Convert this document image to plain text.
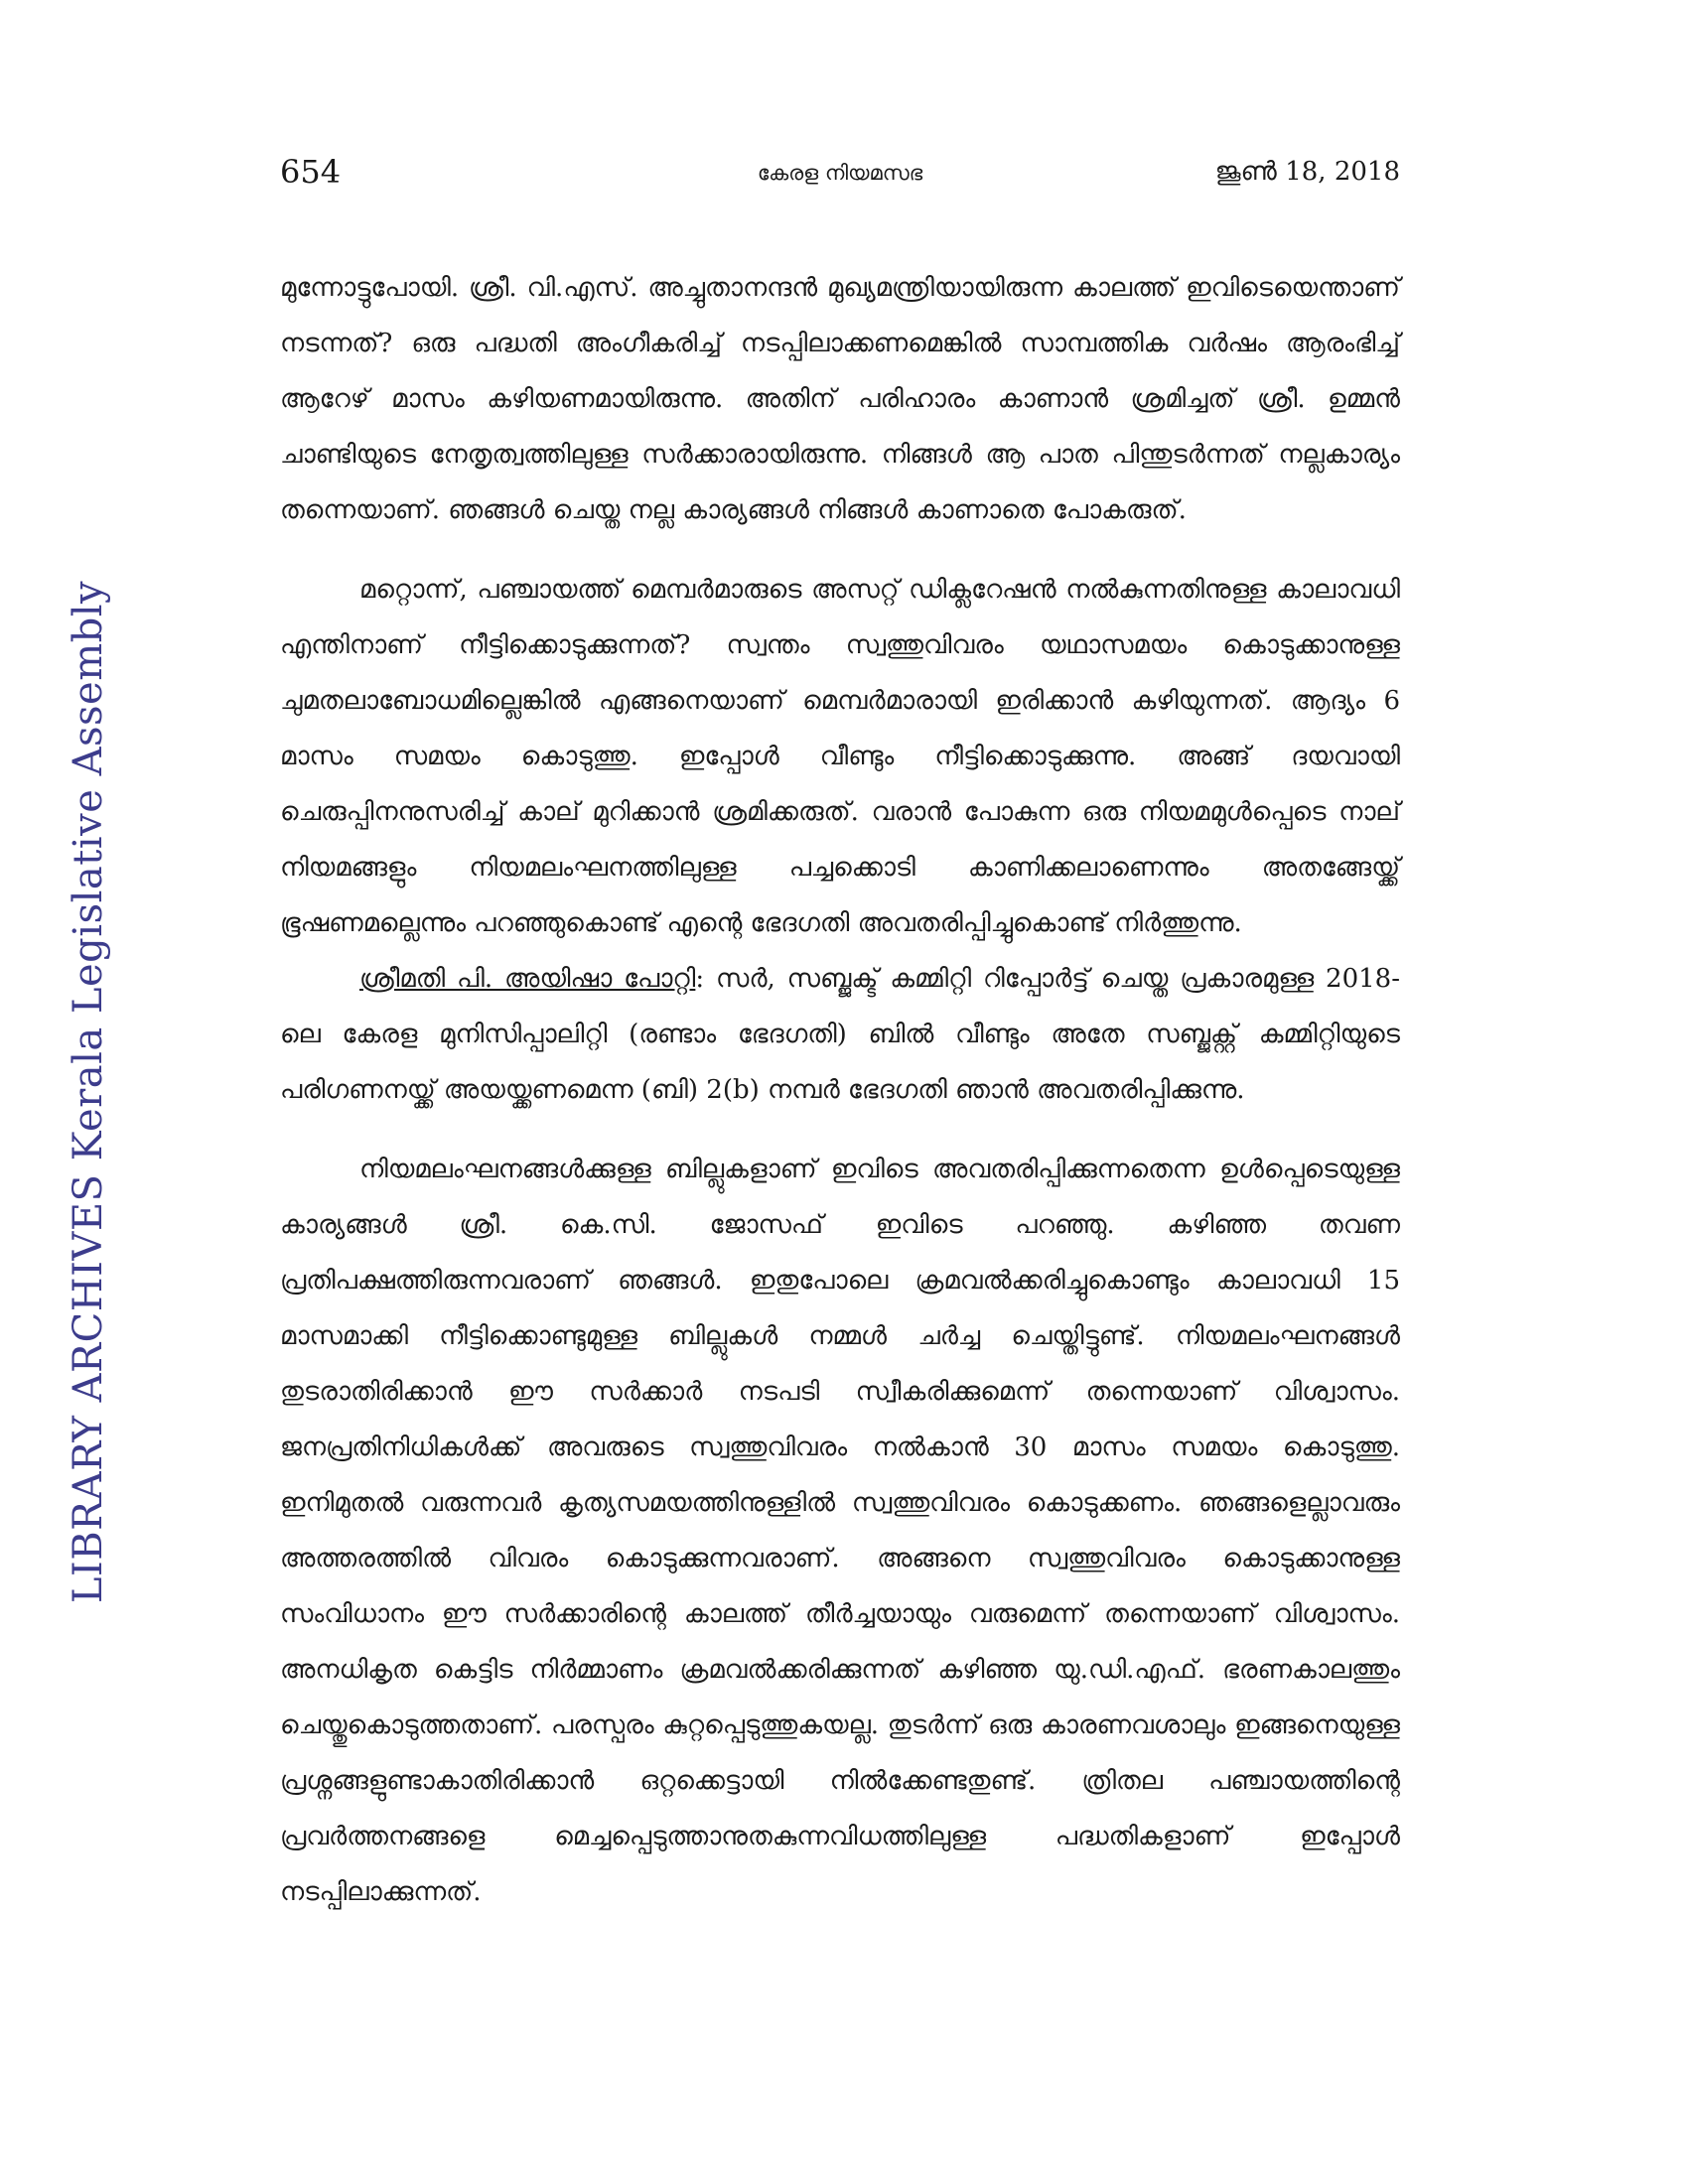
654	കേരള നിയമസഭ	ജൂൺ 18, 2018
LIBRARY ARCHIVES Kerala Legislative Assembly

മുന്നോട്ടുപോയി. ശ്രീ. വി.എസ്. അച്ചുതാനന്ദൻ മുഖ്യമന്ത്രിയായിരുന്ന കാലത്ത് ഇവിടെയെന്താണ് നടന്നത്? ഒരു പദ്ധതി അംഗീകരിച്ച് നടപ്പിലാക്കണമെങ്കിൽ സാമ്പത്തിക വർഷം ആരംഭിച്ച് ആറേഴ് മാസം കഴിയണമായിരുന്നു. അതിന് പരിഹാരം കാണാൻ ശ്രമിച്ചത് ശ്രീ. ഉമ്മൻ ചാണ്ടിയുടെ നേതൃത്വത്തിലുള്ള സർക്കാരായിരുന്നു. നിങ്ങൾ ആ പാത പിന്തുടർന്നത് നല്ലകാര്യം തന്നെയാണ്. ഞങ്ങൾ ചെയ്ത നല്ല കാര്യങ്ങൾ നിങ്ങൾ കാണാതെ പോകരുത്.

മറ്റൊന്ന്, പഞ്ചായത്ത് മെമ്പർമാരുടെ അസറ്റ് ഡിക്ലറേഷൻ നൽകുന്നതിനുള്ള കാലാവധി എന്തിനാണ് നീട്ടിക്കൊടുക്കുന്നത്? സ്വന്തം സ്വത്തുവിവരം യഥാസമയം കൊടുക്കാനുള്ള ചുമതലാബോധമില്ലെങ്കിൽ എങ്ങനെയാണ് മെമ്പർമാരായി ഇരിക്കാൻ കഴിയുന്നത്. ആദ്യം 6 മാസം സമയം കൊടുത്തു. ഇപ്പോൾ വീണ്ടും നീട്ടിക്കൊടുക്കുന്നു. അങ്ങ് ദയവായി ചെരുപ്പിനനുസരിച്ച് കാല് മുറിക്കാൻ ശ്രമിക്കരുത്. വരാൻ പോകുന്ന ഒരു നിയമമുൾപ്പെടെ നാല് നിയമങ്ങളും നിയമലംഘനത്തിലുള്ള പച്ചക്കൊടി കാണിക്കലാണെന്നും അതങ്ങേയ്ക്ക് ഭൂഷണമല്ലെന്നും പറഞ്ഞുകൊണ്ട് എന്റെ ഭേദഗതി അവതരിപ്പിച്ചുകൊണ്ട് നിർത്തുന്നു.

ശ്രീമതി പി. അയിഷാ പോറ്റി: സർ, സബ്ജക്ട് കമ്മിറ്റി റിപ്പോർട്ട് ചെയ്ത പ്രകാരമുള്ള 2018-ലെ കേരള മുനിസിപ്പാലിറ്റി (രണ്ടാം ഭേദഗതി) ബിൽ വീണ്ടും അതേ സബ്ജക്റ്റ് കമ്മിറ്റിയുടെ പരിഗണനയ്ക്ക് അയയ്ക്കണമെന്ന (ബി) 2(b) നമ്പർ ഭേദഗതി ഞാൻ അവതരിപ്പിക്കുന്നു.

നിയമലംഘനങ്ങൾക്കുള്ള ബില്ലുകളാണ് ഇവിടെ അവതരിപ്പിക്കുന്നതെന്ന ഉൾപ്പെടെയുള്ള കാര്യങ്ങൾ ശ്രീ. കെ.സി. ജോസഫ് ഇവിടെ പറഞ്ഞു. കഴിഞ്ഞ തവണ പ്രതിപക്ഷത്തിരുന്നവരാണ് ഞങ്ങൾ. ഇതുപോലെ ക്രമവൽക്കരിച്ചുകൊണ്ടും കാലാവധി 15 മാസമാക്കി നീട്ടിക്കൊണ്ടുമുള്ള ബില്ലുകൾ നമ്മൾ ചർച്ച ചെയ്തിട്ടുണ്ട്. നിയമലംഘനങ്ങൾ തുടരാതിരിക്കാൻ ഈ സർക്കാർ നടപടി സ്വീകരിക്കുമെന്ന് തന്നെയാണ് വിശ്വാസം. ജനപ്രതിനിധികൾക്ക് അവരുടെ സ്വത്തുവിവരം നൽകാൻ 30 മാസം സമയം കൊടുത്തു. ഇനിമുതൽ വരുന്നവർ കൃത്യസമയത്തിനുള്ളിൽ സ്വത്തുവിവരം കൊടുക്കണം. ഞങ്ങളെല്ലാവരും അത്തരത്തിൽ വിവരം കൊടുക്കുന്നവരാണ്. അങ്ങനെ സ്വത്തുവിവരം കൊടുക്കാനുള്ള സംവിധാനം ഈ സർക്കാരിന്റെ കാലത്ത് തീർച്ചയായും വരുമെന്ന് തന്നെയാണ് വിശ്വാസം. അനധികൃത കെട്ടിട നിർമ്മാണം ക്രമവൽക്കരിക്കുന്നത് കഴിഞ്ഞ യു.ഡി.എഫ്. ഭരണകാലത്തും ചെയ്തുകൊടുത്തതാണ്. പരസ്പരം കുറ്റപ്പെടുത്തുകയല്ല. തുടർന്ന് ഒരു കാരണവശാലും ഇങ്ങനെയുള്ള പ്രശ്നങ്ങളുണ്ടാകാതിരിക്കാൻ ഒറ്റക്കെട്ടായി നിൽക്കേണ്ടതുണ്ട്. ത്രിതല പഞ്ചായത്തിന്റെ പ്രവർത്തനങ്ങളെ മെച്ചപ്പെടുത്താനുതകുന്നവിധത്തിലുള്ള പദ്ധതികളാണ് ഇപ്പോൾ നടപ്പിലാക്കുന്നത്.
